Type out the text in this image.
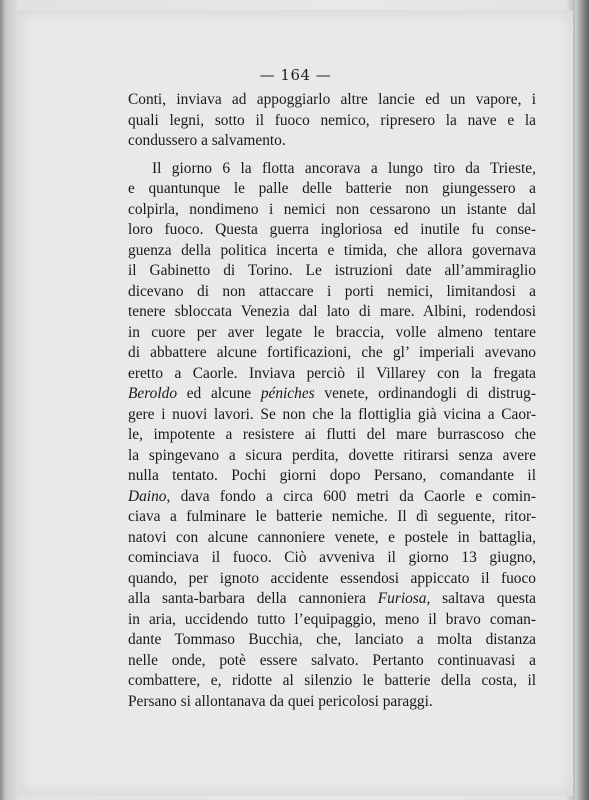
— 164 —
Conti, inviava ad appoggiarlo altre lancie ed un vapore, i
quali legni, sotto il fuoco nemico, ripresero la nave e la
condussero a salvamento.
Il giorno 6 la flotta ancorava a lungo tiro da Trieste,
e quantunque le palle delle batterie non giungessero a
colpirla, nondimeno i nemici non cessarono un istante dal
loro fuoco. Questa guerra ingloriosa ed inutile fu conse-
guenza della politica incerta e timida, che allora governava
il Gabinetto di Torino. Le istruzioni date all’ammiraglio
dicevano di non attaccare i porti nemici, limitandosi a
tenere sbloccata Venezia dal lato di mare. Albini, rodendosi
in cuore per aver legate le braccia, volle almeno tentare
di abbattere alcune fortificazioni, che gl’ imperiali avevano
eretto a Caorle. Inviava perciò il Villarey con la fregata
Beroldo ed alcune péniches venete, ordinandogli di distrug-
gere i nuovi lavori. Se non che la flottiglia già vicina a Caor-
le, impotente a resistere ai flutti del mare burrascoso che
la spingevano a sicura perdita, dovette ritirarsi senza avere
nulla tentato. Pochi giorni dopo Persano, comandante il
Daino, dava fondo a circa 600 metri da Caorle e comin-
ciava a fulminare le batterie nemiche. Il dì seguente, ritor-
natovi con alcune cannoniere venete, e postele in battaglia,
cominciava il fuoco. Ciò avveniva il giorno 13 giugno,
quando, per ignoto accidente essendosi appiccato il fuoco
alla santa-barbara della cannoniera Furiosa, saltava questa
in aria, uccidendo tutto l’equipaggio, meno il bravo coman-
dante Tommaso Bucchia, che, lanciato a molta distanza
nelle onde, potè essere salvato. Pertanto continuavasi a
combattere, e, ridotte al silenzio le batterie della costa, il
Persano si allontanava da quei pericolosi paraggi.
